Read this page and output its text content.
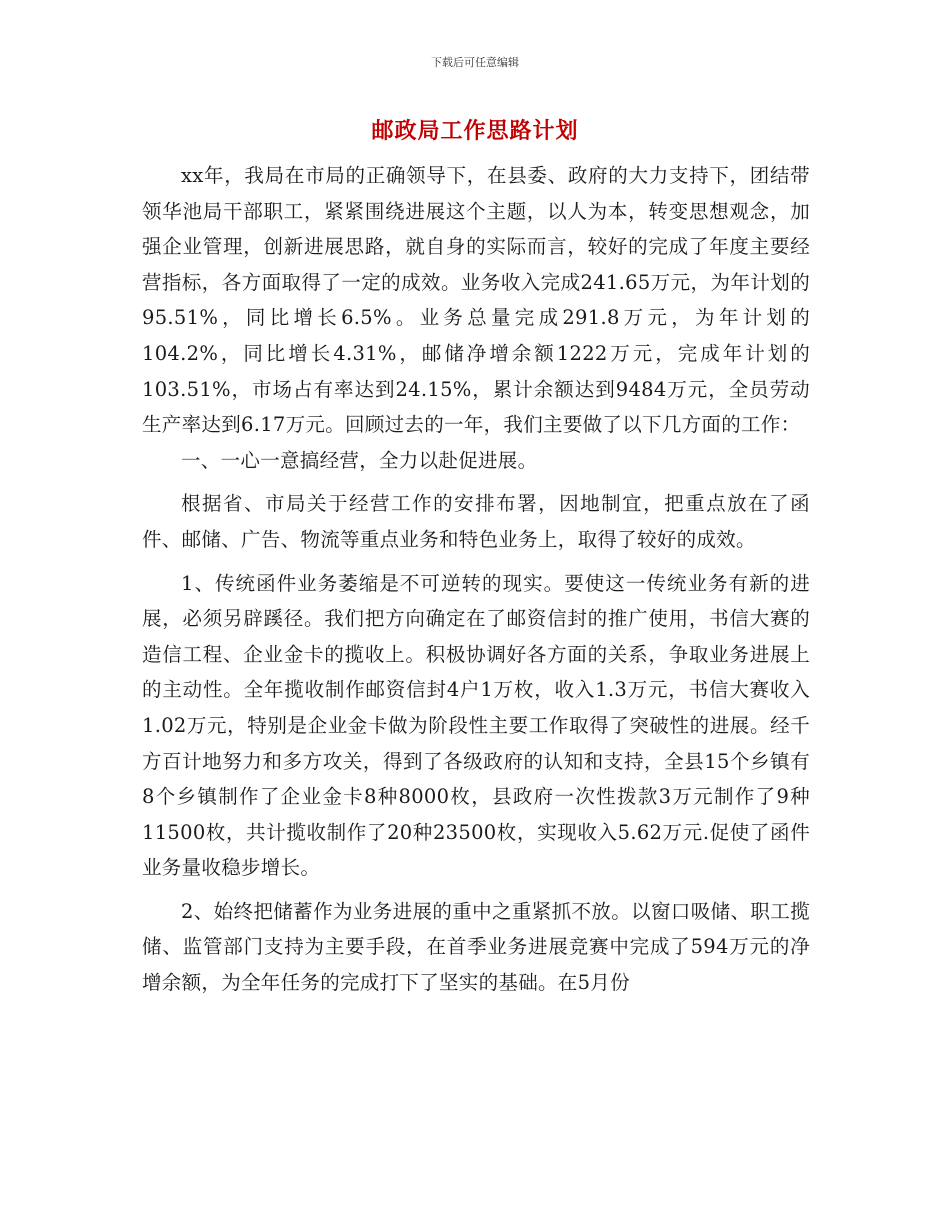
下载后可任意编辑
邮政局工作思路计划

xx年，我局在市局的正确领导下，在县委、政府的大力支持下，团结带领华池局干部职工，紧紧围绕进展这个主题，以人为本，转变思想观念，加强企业管理，创新进展思路，就自身的实际而言，较好的完成了年度主要经营指标，各方面取得了一定的成效。业务收入完成241.65万元，为年计划的95.51%，同比增长6.5%。业务总量完成291.8万元，为年计划的104.2%，同比增长4.31%，邮储净增余额1222万元，完成年计划的103.51%，市场占有率达到24.15%，累计余额达到9484万元，全员劳动生产率达到6.17万元。回顾过去的一年，我们主要做了以下几方面的工作：

一、一心一意搞经营，全力以赴促进展。

根据省、市局关于经营工作的安排布署，因地制宜，把重点放在了函件、邮储、广告、物流等重点业务和特色业务上，取得了较好的成效。

1、传统函件业务萎缩是不可逆转的现实。要使这一传统业务有新的进展，必须另辟蹊径。我们把方向确定在了邮资信封的推广使用，书信大赛的造信工程、企业金卡的揽收上。积极协调好各方面的关系，争取业务进展上的主动性。全年揽收制作邮资信封4户1万枚，收入1.3万元，书信大赛收入1.02万元，特别是企业金卡做为阶段性主要工作取得了突破性的进展。经千方百计地努力和多方攻关，得到了各级政府的认知和支持，全县15个乡镇有8个乡镇制作了企业金卡8种8000枚，县政府一次性拨款3万元制作了9种11500枚，共计揽收制作了20种23500枚，实现收入5.62万元.促使了函件业务量收稳步增长。

2、始终把储蓄作为业务进展的重中之重紧抓不放。以窗口吸储、职工揽储、监管部门支持为主要手段，在首季业务进展竞赛中完成了594万元的净增余额，为全年任务的完成打下了坚实的基础。在5月份
